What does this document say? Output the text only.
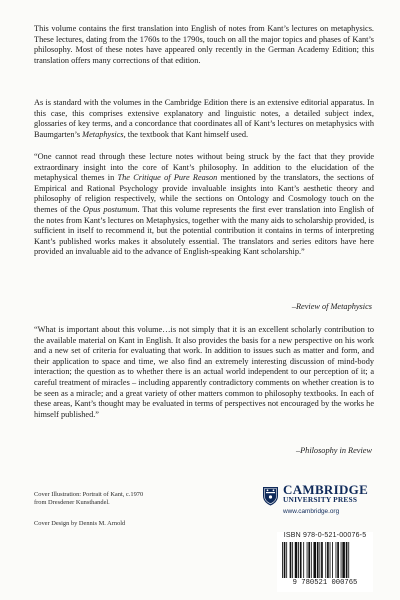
This volume contains the first translation into English of notes from Kant’s lectures on metaphysics. These lectures, dating from the 1760s to the 1790s, touch on all the major topics and phases of Kant’s philosophy. Most of these notes have appeared only recently in the German Academy Edition; this translation offers many corrections of that edition.

As is standard with the volumes in the Cambridge Edition there is an extensive editorial apparatus. In this case, this comprises extensive explanatory and linguistic notes, a detailed subject index, glossaries of key terms, and a concordance that coordinates all of Kant’s lectures on metaphysics with Baumgarten’s Metaphysics, the textbook that Kant himself used.

“One cannot read through these lecture notes without being struck by the fact that they provide extraordinary insight into the core of Kant’s philosophy. In addition to the elucidation of the metaphysical themes in The Critique of Pure Reason mentioned by the translators, the sections of Empirical and Rational Psychology provide invaluable insights into Kant’s aesthetic theory and philosophy of religion respectively, while the sections on Ontology and Cosmology touch on the themes of the Opus postumum. That this volume represents the first ever translation into English of the notes from Kant’s lectures on Metaphysics, together with the many aids to scholarship provided, is sufficient in itself to recommend it, but the potential contribution it contains in terms of interpreting Kant’s published works makes it absolutely essential. The translators and series editors have here provided an invaluable aid to the advance of English-speaking Kant scholarship.”

–Review of Metaphysics

“What is important about this volume…is not simply that it is an excellent scholarly contribution to the available material on Kant in English. It also provides the basis for a new perspective on his work and a new set of criteria for evaluating that work. In addition to issues such as matter and form, and their application to space and time, we also find an extremely interesting discussion of mind-body interaction; the question as to whether there is an actual world independent to our perception of it; a careful treatment of miracles – including apparently contradictory comments on whether creation is to be seen as a miracle; and a great variety of other matters common to philosophy textbooks. In each of these areas, Kant’s thought may be evaluated in terms of perspectives not encouraged by the works he himself published.”

–Philosophy in Review
Cover Illustration: Portrait of Kant, c.1970
from Dresdener Kunsthandel.
Cover Design by Dennis M. Arnold
CAMBRIDGE
UNIVERSITY PRESS
www.cambridge.org
ISBN 978-0-521-00076-5
9 780521 000765
